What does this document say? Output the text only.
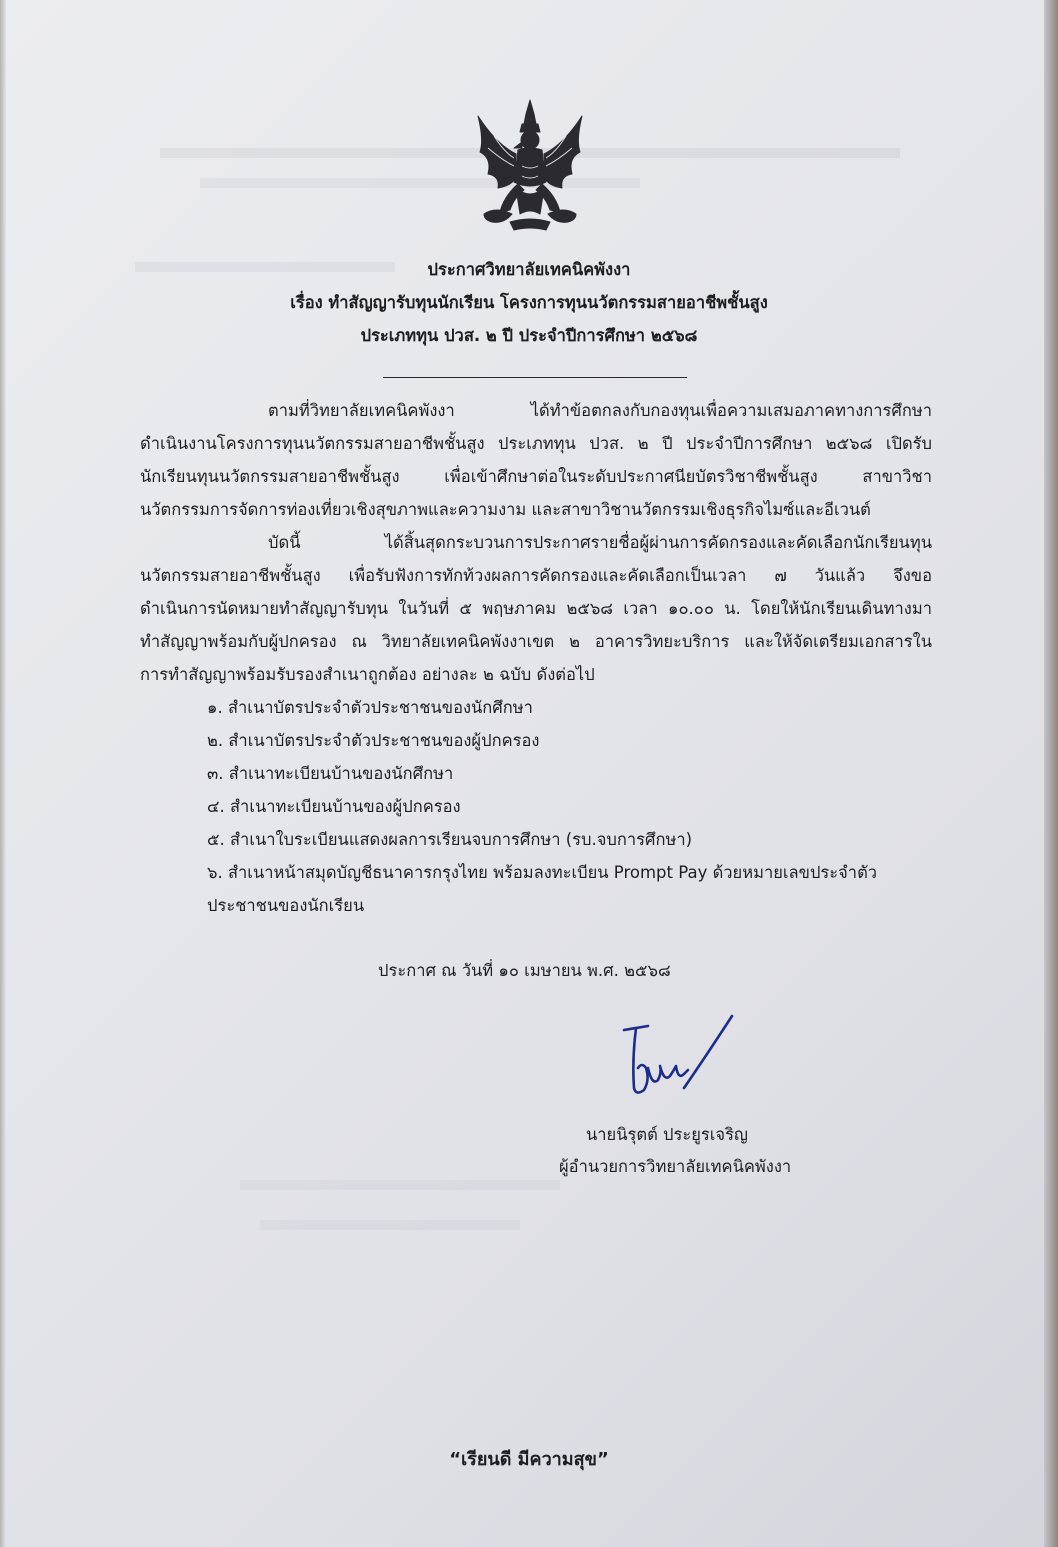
ประกาศวิทยาลัยเทคนิคพังงา

เรื่อง ทำสัญญารับทุนนักเรียน โครงการทุนนวัตกรรมสายอาชีพชั้นสูง

ประเภททุน ปวส. ๒ ปี ประจำปีการศึกษา ๒๕๖๘

ตามที่วิทยาลัยเทคนิคพังงา ได้ทำข้อตกลงกับกองทุนเพื่อความเสมอภาคทางการศึกษา

ดำเนินงานโครงการทุนนวัตกรรมสายอาชีพชั้นสูง ประเภททุน ปวส. ๒ ปี ประจำปีการศึกษา ๒๕๖๘ เปิดรับ

นักเรียนทุนนวัตกรรมสายอาชีพชั้นสูง เพื่อเข้าศึกษาต่อในระดับประกาศนียบัตรวิชาชีพชั้นสูง สาขาวิชา

นวัตกรรมการจัดการท่องเที่ยวเชิงสุขภาพและความงาม และสาขาวิชานวัตกรรมเชิงธุรกิจไมซ์และอีเวนต์

บัดนี้ ได้สิ้นสุดกระบวนการประกาศรายชื่อผู้ผ่านการคัดกรองและคัดเลือกนักเรียนทุน

นวัตกรรมสายอาชีพชั้นสูง เพื่อรับฟังการทักท้วงผลการคัดกรองและคัดเลือกเป็นเวลา ๗ วันแล้ว จึงขอ

ดำเนินการนัดหมายทำสัญญารับทุน ในวันที่ ๕ พฤษภาคม ๒๕๖๘ เวลา ๑๐.๐๐ น. โดยให้นักเรียนเดินทางมา

ทำสัญญาพร้อมกับผู้ปกครอง ณ วิทยาลัยเทคนิคพังงาเขต ๒ อาคารวิทยะบริการ และให้จัดเตรียมเอกสารใน

การทำสัญญาพร้อมรับรองสำเนาถูกต้อง อย่างละ ๒ ฉบับ ดังต่อไป

๑. สำเนาบัตรประจำตัวประชาชนของนักศึกษา

๒. สำเนาบัตรประจำตัวประชาชนของผู้ปกครอง

๓. สำเนาทะเบียนบ้านของนักศึกษา

๔. สำเนาทะเบียนบ้านของผู้ปกครอง

๕. สำเนาใบระเบียนแสดงผลการเรียนจบการศึกษา (รบ.จบการศึกษา)

๖. สำเนาหน้าสมุดบัญชีธนาคารกรุงไทย พร้อมลงทะเบียน Prompt Pay ด้วยหมายเลขประจำตัว

ประชาชนของนักเรียน

ประกาศ ณ วันที่ ๑๐ เมษายน พ.ศ. ๒๕๖๘

นายนิรุตต์ ประยูรเจริญ
ผู้อำนวยการวิทยาลัยเทคนิคพังงา
“เรียนดี มีความสุข”
